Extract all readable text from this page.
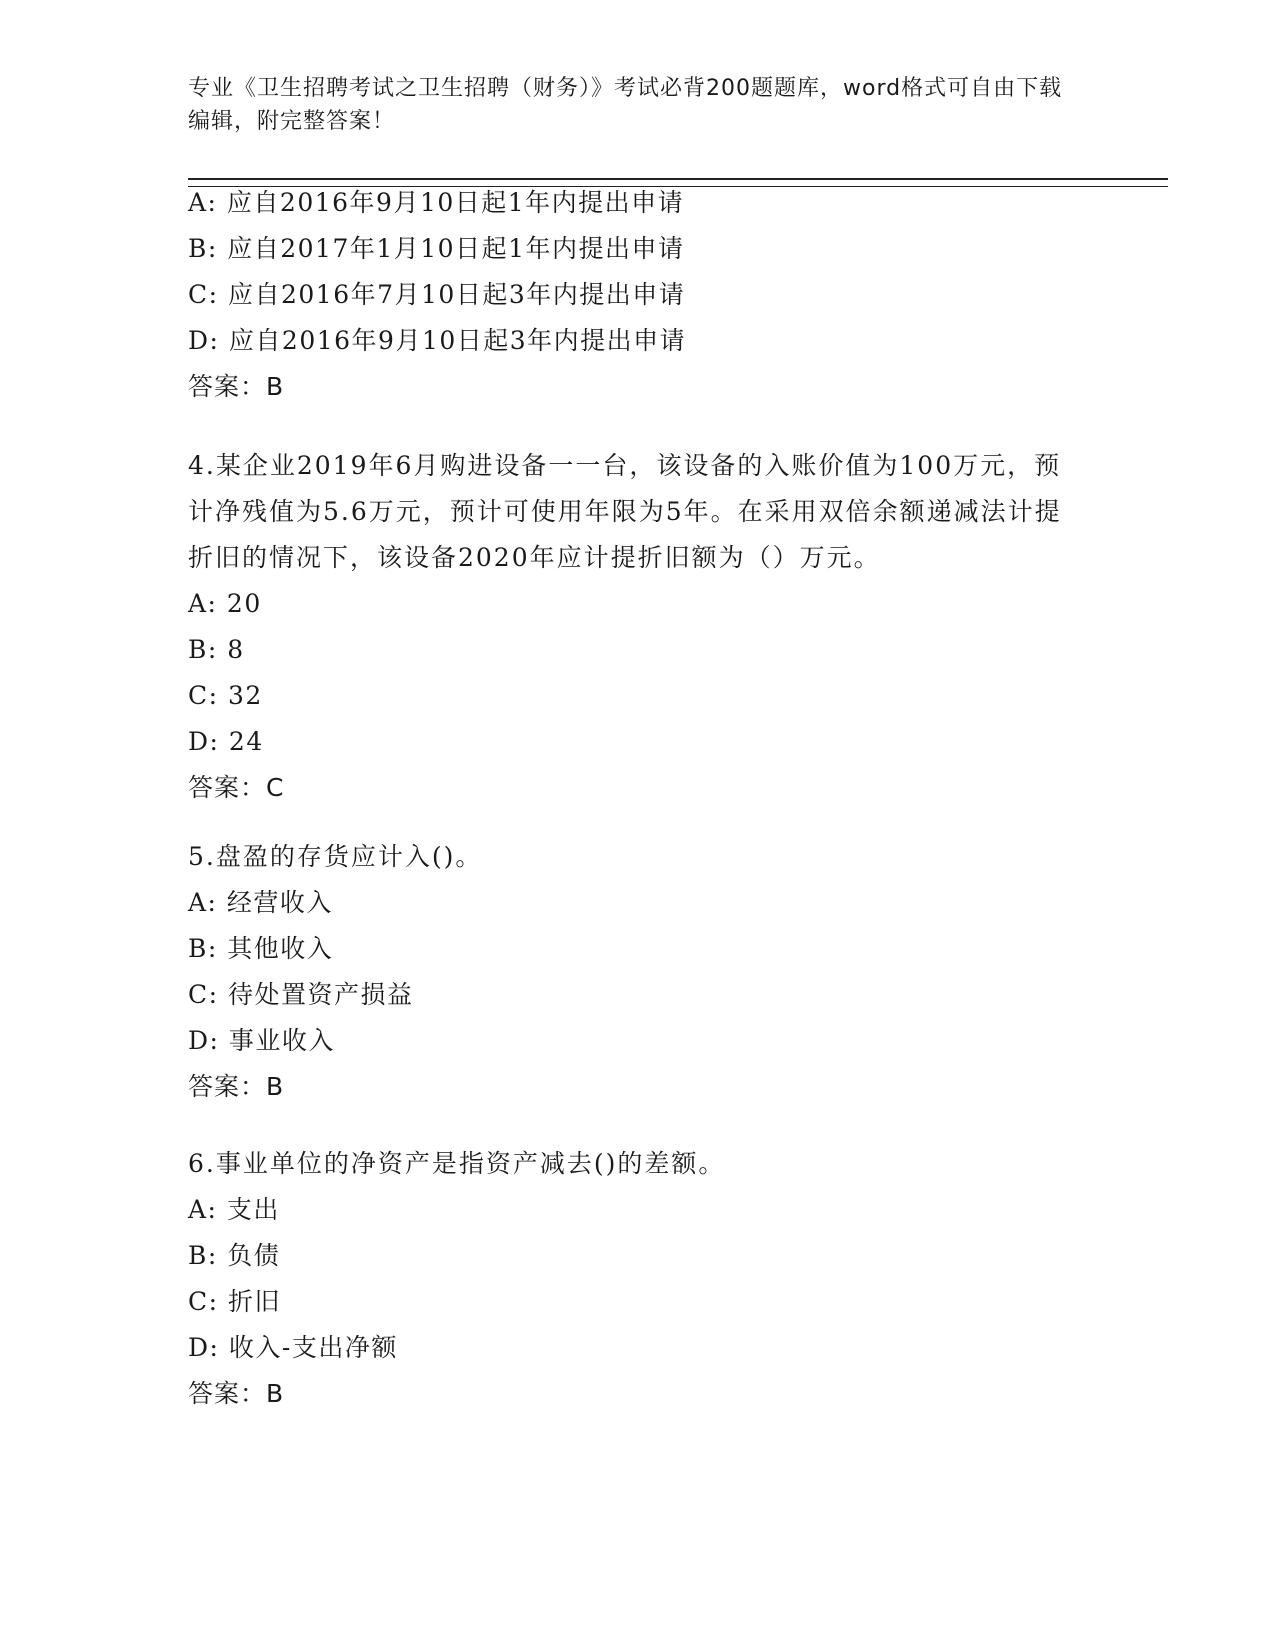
专业《卫生招聘考试之卫生招聘（财务）》考试必背200题题库，word格式可自由下载编辑，附完整答案！
A: 应自2016年9月10日起1年内提出申请
B: 应自2017年1月10日起1年内提出申请
C: 应自2016年7月10日起3年内提出申请
D: 应自2016年9月10日起3年内提出申请
答案：B
4.某企业2019年6月购进设备一一台，该设备的入账价值为100万元，预计净残值为5.6万元，预计可使用年限为5年。在采用双倍余额递减法计提折旧的情况下，该设备2020年应计提折旧额为（）万元。
A: 20
B: 8
C: 32
D: 24
答案：C
5.盘盈的存货应计入()。
A: 经营收入
B: 其他收入
C: 待处置资产损益
D: 事业收入
答案：B
6.事业单位的净资产是指资产减去()的差额。
A: 支出
B: 负债
C: 折旧
D: 收入-支出净额
答案：B
